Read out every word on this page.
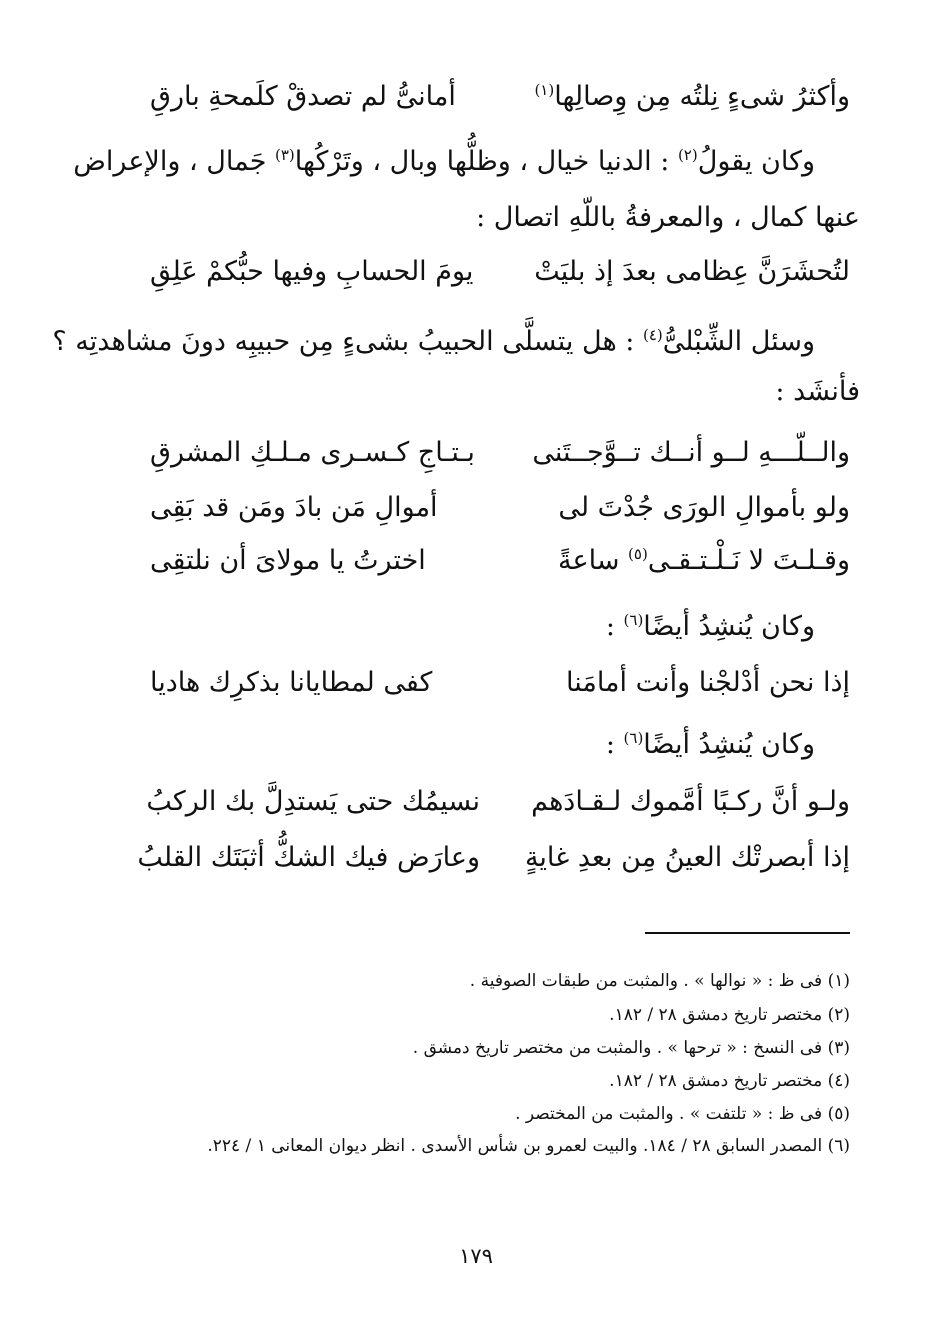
وأكثرُ شىءٍ نِلتُه مِن وِصالِها$^{(١)}$
أمانىُّ لم تصدقْ كلَمحةِ بارقِ
وكان يقولُ$^{(٢)}$ : الدنيا خيال ، وظلُّها وبال ، وتَرْكُها$^{(٣)}$ جَمال ، والإعراض
عنها كمال ، والمعرفةُ باللّهِ اتصال :
لتُحشَرَنَّ عِظامى بعدَ إذ بليَتْ
يومَ الحسابِ وفيها حبُّكمْ عَلِقِ
وسئل الشِّبْلىُّ$^{(٤)}$ : هل يتسلَّى الحبيبُ بشىءٍ مِن حبيبِه دونَ مشاهدتِه ؟
فأنشَد :
والــلّـــهِ لــو أنــك تــوَّجــتَنى
بـتـاجِ كـسـرى مـلـكِ المشرقِ
ولو بأموالِ الورَى جُدْتَ لى
أموالِ مَن بادَ ومَن قد بَقِى
وقـلـتَ لا نَـلْـتـقـى$^{(٥)}$ ساعةً
اخترتُ يا مولاىَ أن نلتقِى
وكان يُنشِدُ أيضًا$^{(٦)}$ :
إذا نحن أدْلجْنا وأنت أمامَنا
كفى لمطايانا بذكرِك هاديا
وكان يُنشِدُ أيضًا$^{(٦)}$ :
ولـو أنَّ ركـبًا أمَّموك لـقـادَهم
نسيمُك حتى يَستدِلَّ بك الركبُ
إذا أبصرتْك العينُ مِن بعدِ غايةٍ
وعارَض فيك الشكُّ أثبَتَك القلبُ
(١) فى ظ : « نوالها » . والمثبت من طبقات الصوفية .
(٢) مختصر تاريخ دمشق ٢٨ / ١٨٢.
(٣) فى النسخ : « ترحها » . والمثبت من مختصر تاريخ دمشق .
(٤) مختصر تاريخ دمشق ٢٨ / ١٨٢.
(٥) فى ظ : « تلتفت » . والمثبت من المختصر .
(٦) المصدر السابق ٢٨ / ١٨٤. والبيت لعمرو بن شأس الأسدى . انظر ديوان المعانى ١ / ٢٢٤.
١٧٩
